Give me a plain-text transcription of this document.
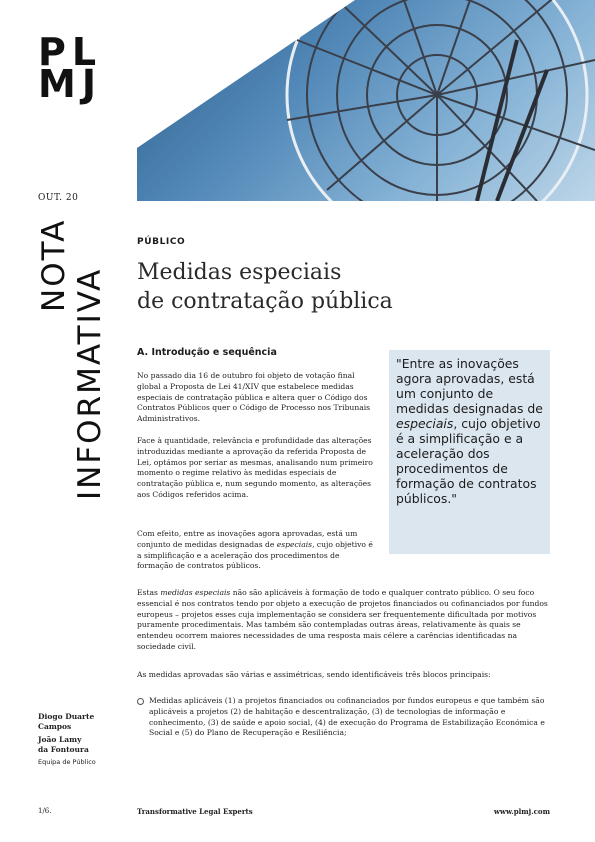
PL
MJ
OUT. 20
NOTA
INFORMATIVA
PÚBLICO
Medidas especiais
de contratação pública
A. Introdução e sequência
No passado dia 16 de outubro foi objeto de votação final global a Proposta de Lei 41/XIV que estabelece medidas especiais de contratação pública e altera quer o Código dos Contratos Públicos quer o Código de Processo nos Tribunais Administrativos.
Face à quantidade, relevância e profundidade das alterações introduzidas mediante a aprovação da referida Proposta de Lei, optámos por seriar as mesmas, analisando num primeiro momento o regime relativo às medidas especiais de contratação pública e, num segundo momento, as alterações aos Códigos referidos acima.
Com efeito, entre as inovações agora aprovadas, está um conjunto de medidas designadas de especiais, cujo objetivo é a simplificação e a aceleração dos procedimentos de formação de contratos públicos.
"Entre as inovações agora aprovadas, está um conjunto de medidas designadas de especiais, cujo objetivo é a simplificação e a aceleração dos procedimentos de formação de contratos públicos."
Estas medidas especiais não são aplicáveis à formação de todo e qualquer contrato público. O seu foco essencial é nos contratos tendo por objeto a execução de projetos financiados ou cofinanciados por fundos europeus – projetos esses cuja implementação se considera ser frequentemente dificultada por motivos puramente procedimentais. Mas também são contempladas outras áreas, relativamente às quais se entendeu ocorrem maiores necessidades de uma resposta mais célere a carências identificadas na sociedade civil.
As medidas aprovadas são várias e assimétricas, sendo identificáveis três blocos principais:
Medidas aplicáveis (1) a projetos financiados ou cofinanciados por fundos europeus e que também são aplicáveis a projetos (2) de habitação e descentralização, (3) de tecnologias de informação e conhecimento, (3) de saúde e apoio social, (4) de execução do Programa de Estabilização Económica e Social e (5) do Plano de Recuperação e Resiliência;
Diogo Duarte
Campos
João Lamy
da Fontoura
Equipa de Público
1/6.	Transformative Legal Experts	www.plmj.com
